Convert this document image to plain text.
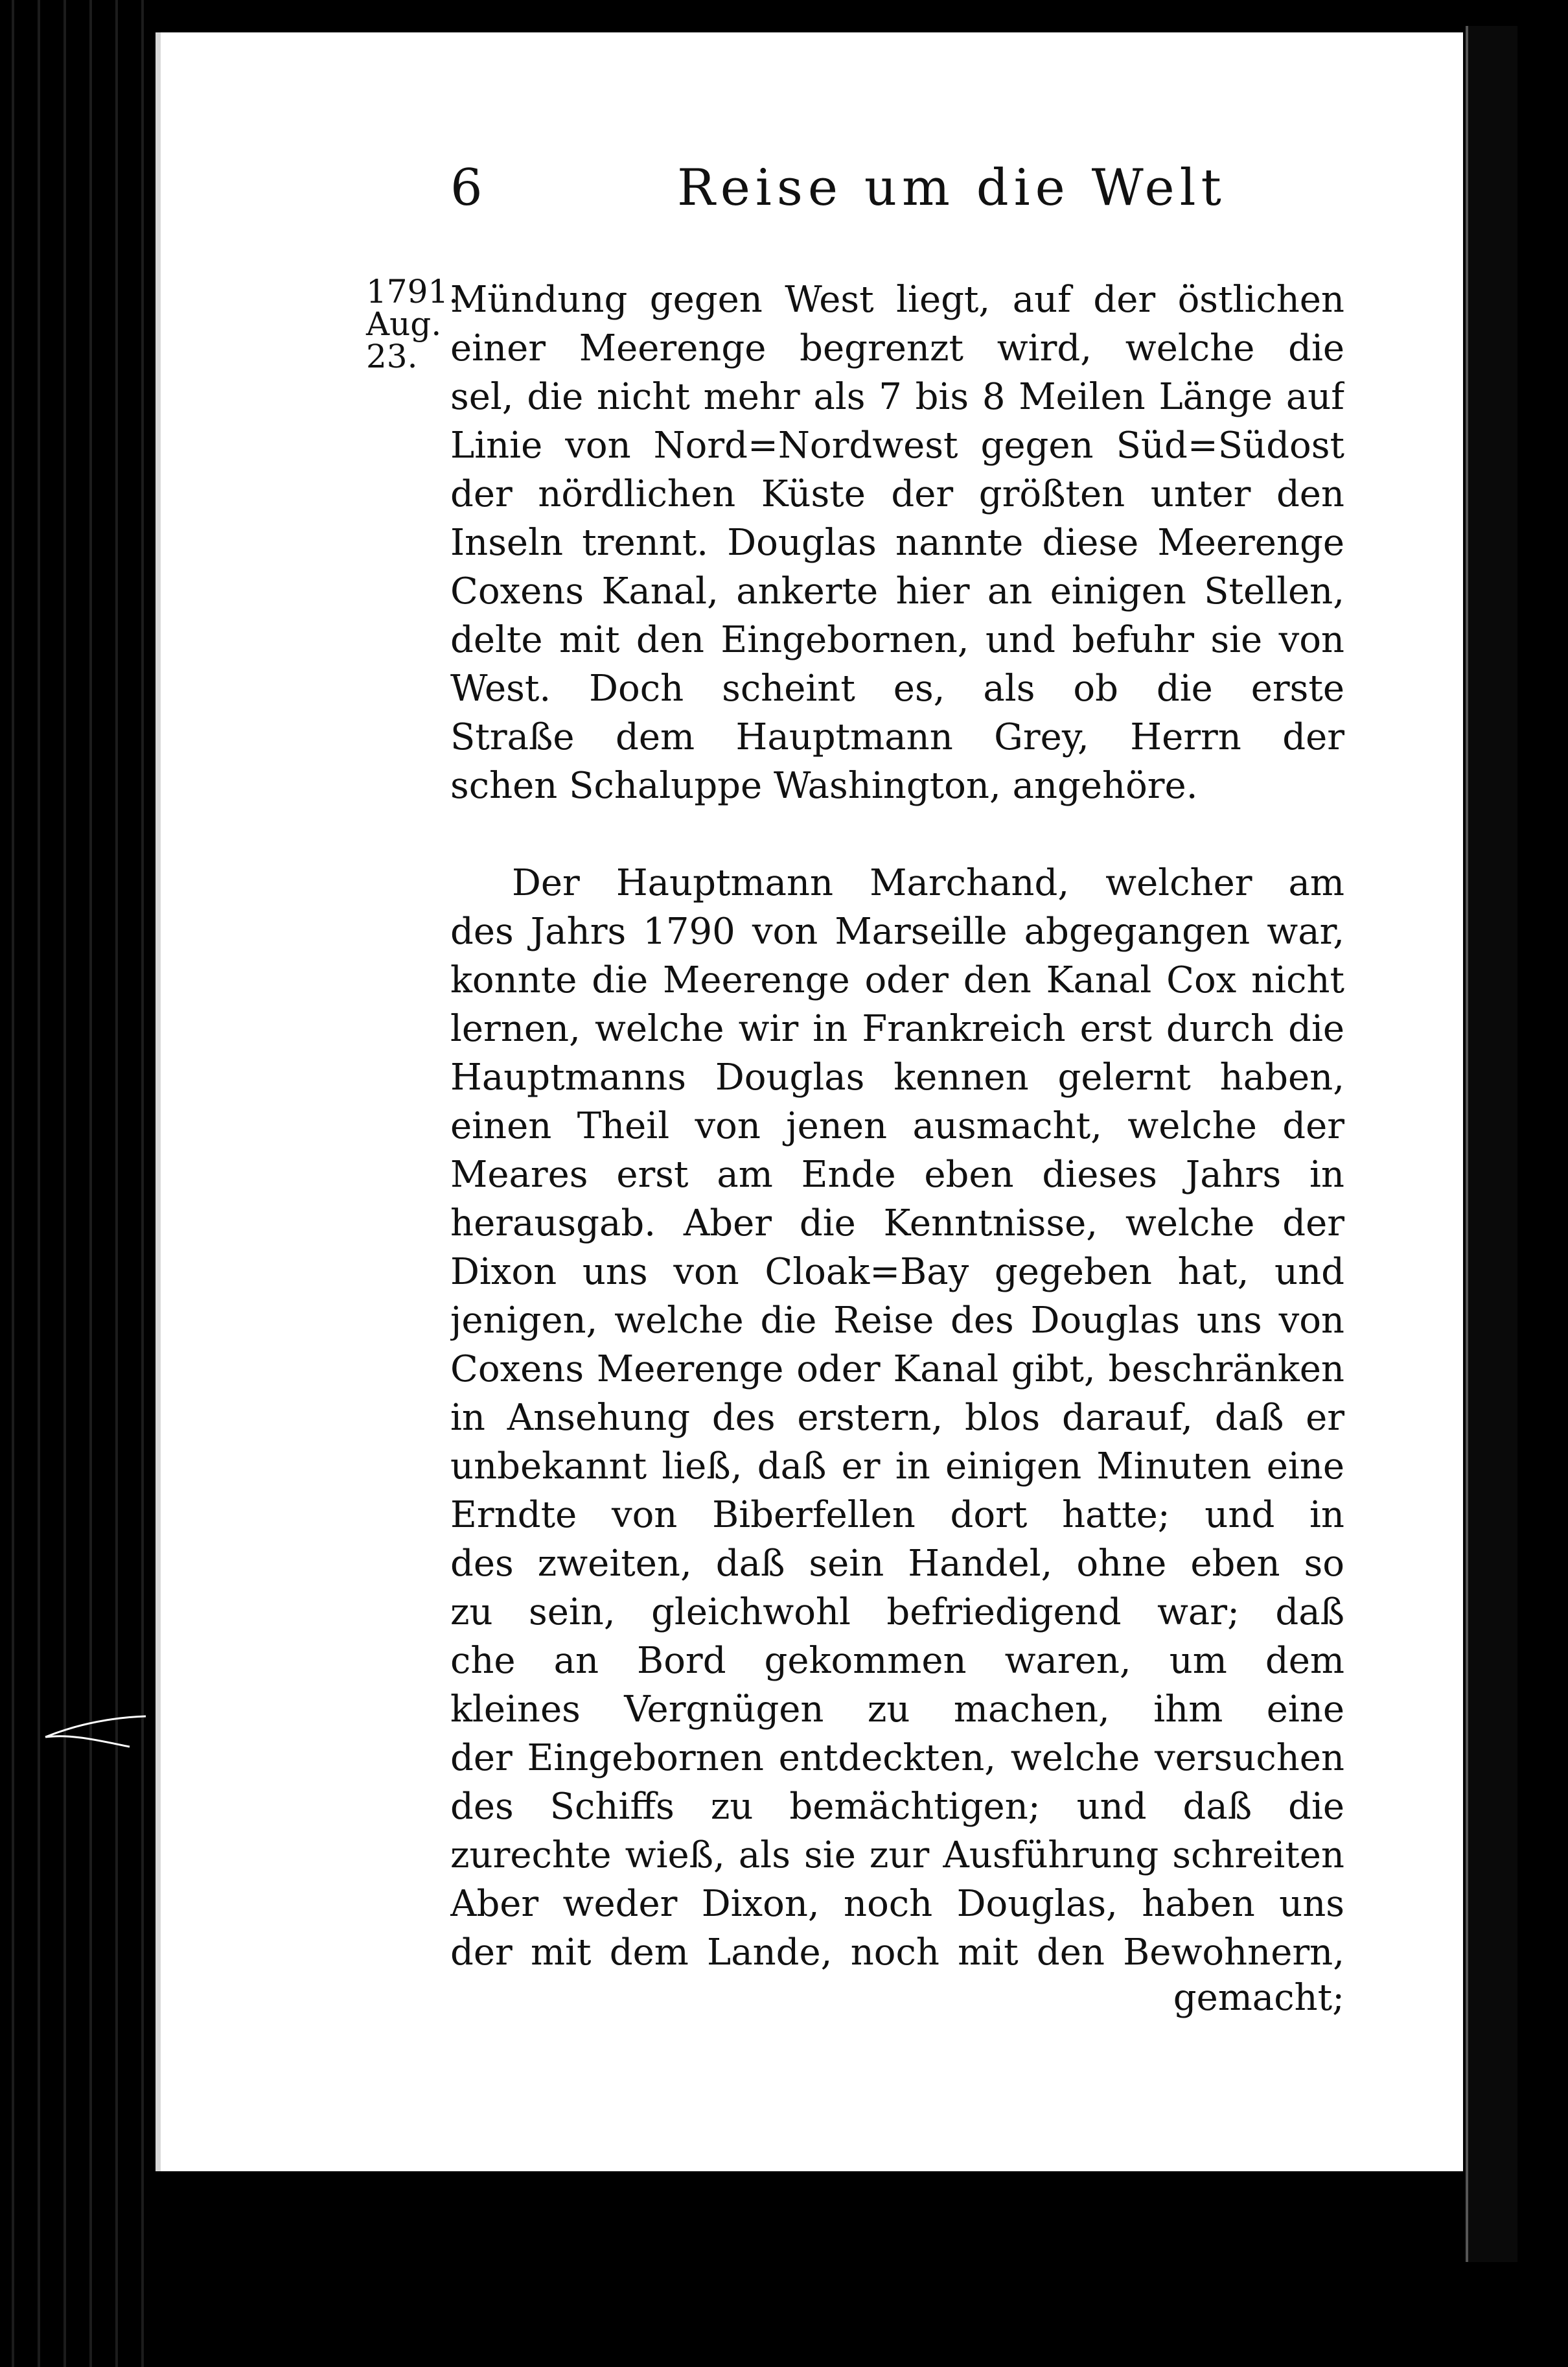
6	Reise um die Welt
1791.
Aug.
23.
Mündung gegen West liegt, auf der östlichen
einer Meerenge begrenzt wird, welche die
sel, die nicht mehr als 7 bis 8 Meilen Länge auf
Linie von Nord=Nordwest gegen Süd=Südost
der nördlichen Küste der größten unter den
Inseln trennt. Douglas nannte diese Meerenge
Coxens Kanal, ankerte hier an einigen Stellen,
delte mit den Eingebornen, und befuhr sie von
West. Doch scheint es, als ob die erste
Straße dem Hauptmann Grey, Herrn der
schen Schaluppe Washington, angehöre.
Der Hauptmann Marchand, welcher am
des Jahrs 1790 von Marseille abgegangen war,
konnte die Meerenge oder den Kanal Cox nicht
lernen, welche wir in Frankreich erst durch die
Hauptmanns Douglas kennen gelernt haben,
einen Theil von jenen ausmacht, welche der
Meares erst am Ende eben dieses Jahrs in
herausgab. Aber die Kenntnisse, welche der
Dixon uns von Cloak=Bay gegeben hat, und
jenigen, welche die Reise des Douglas uns von
Coxens Meerenge oder Kanal gibt, beschränken
in Ansehung des erstern, blos darauf, daß er
unbekannt ließ, daß er in einigen Minuten eine
Erndte von Biberfellen dort hatte; und in
des zweiten, daß sein Handel, ohne eben so
zu sein, gleichwohl befriedigend war; daß
che an Bord gekommen waren, um dem
kleines Vergnügen zu machen, ihm eine
der Eingebornen entdeckten, welche versuchen
des Schiffs zu bemächtigen; und daß die
zurechte wieß, als sie zur Ausführung schreiten
Aber weder Dixon, noch Douglas, haben uns
der mit dem Lande, noch mit den Bewohnern,
gemacht;
